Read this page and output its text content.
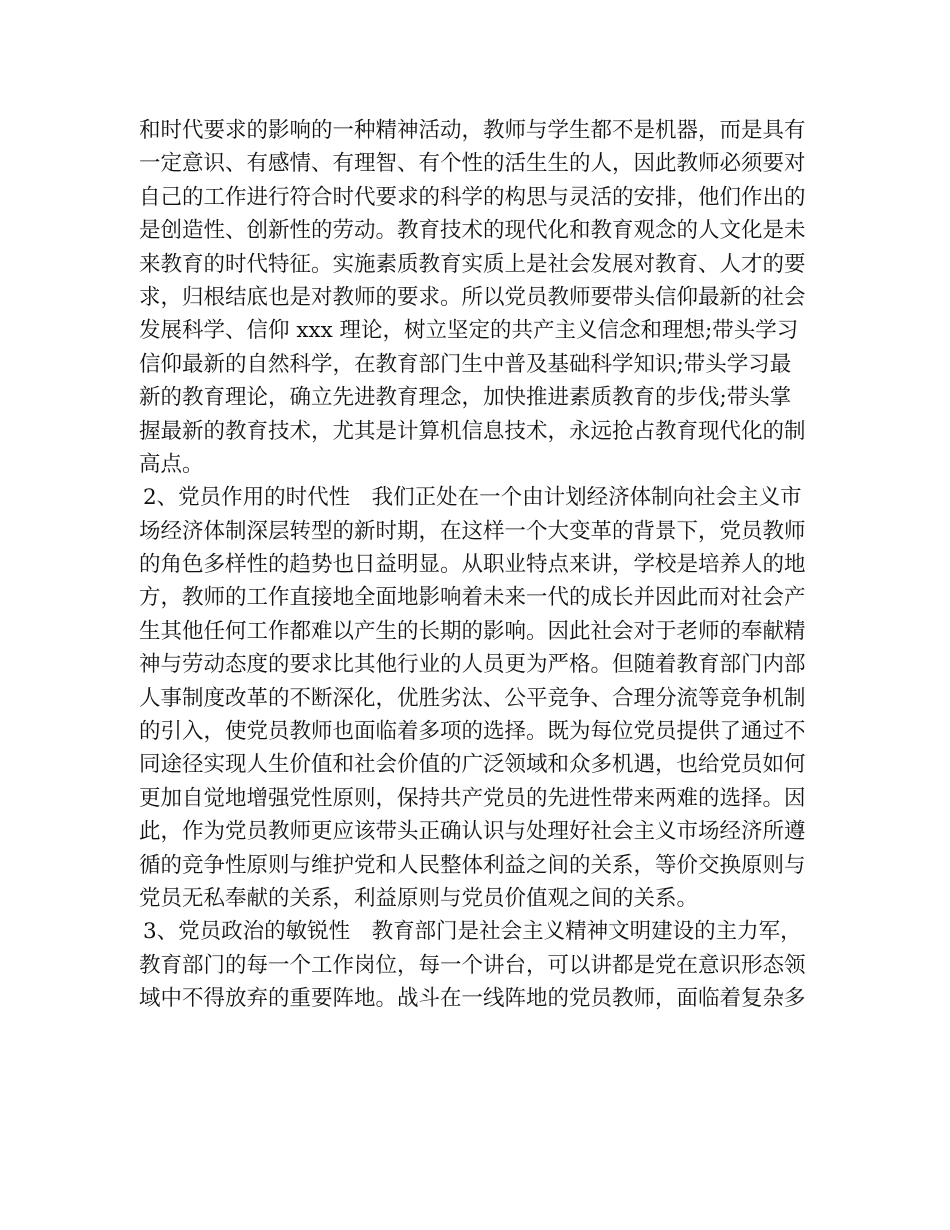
和时代要求的影响的一种精神活动，教师与学生都不是机器，而是具有
一定意识、有感情、有理智、有个性的活生生的人，因此教师必须要对
自己的工作进行符合时代要求的科学的构思与灵活的安排，他们作出的
是创造性、创新性的劳动。教育技术的现代化和教育观念的人文化是未
来教育的时代特征。实施素质教育实质上是社会发展对教育、人才的要
求，归根结底也是对教师的要求。所以党员教师要带头信仰最新的社会
发展科学、信仰 xxx 理论，树立坚定的共产主义信念和理想;带头学习
信仰最新的自然科学，在教育部门生中普及基础科学知识;带头学习最
新的教育理论，确立先进教育理念，加快推进素质教育的步伐;带头掌
握最新的教育技术，尤其是计算机信息技术，永远抢占教育现代化的制
高点。
2、党员作用的时代性　我们正处在一个由计划经济体制向社会主义市
场经济体制深层转型的新时期，在这样一个大变革的背景下，党员教师
的角色多样性的趋势也日益明显。从职业特点来讲，学校是培养人的地
方，教师的工作直接地全面地影响着未来一代的成长并因此而对社会产
生其他任何工作都难以产生的长期的影响。因此社会对于老师的奉献精
神与劳动态度的要求比其他行业的人员更为严格。但随着教育部门内部
人事制度改革的不断深化，优胜劣汰、公平竞争、合理分流等竞争机制
的引入，使党员教师也面临着多项的选择。既为每位党员提供了通过不
同途径实现人生价值和社会价值的广泛领域和众多机遇，也给党员如何
更加自觉地增强党性原则，保持共产党员的先进性带来两难的选择。因
此，作为党员教师更应该带头正确认识与处理好社会主义市场经济所遵
循的竞争性原则与维护党和人民整体利益之间的关系，等价交换原则与
党员无私奉献的关系，利益原则与党员价值观之间的关系。
3、党员政治的敏锐性　教育部门是社会主义精神文明建设的主力军，
教育部门的每一个工作岗位，每一个讲台，可以讲都是党在意识形态领
域中不得放弃的重要阵地。战斗在一线阵地的党员教师，面临着复杂多
